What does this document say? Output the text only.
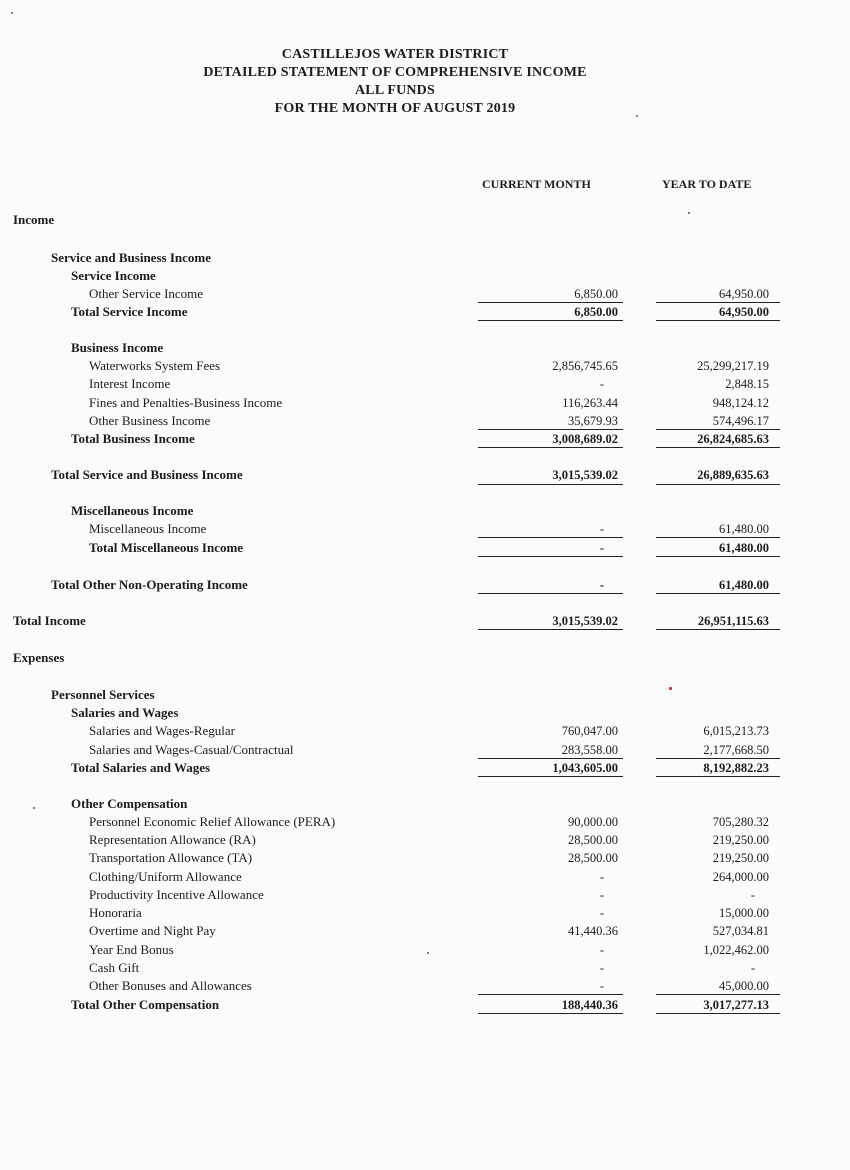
CASTILLEJOS WATER DISTRICT
DETAILED STATEMENT OF COMPREHENSIVE INCOME
ALL FUNDS
FOR THE MONTH OF AUGUST 2019
CURRENT MONTH	YEAR TO DATE
Income
Service and Business Income
Service Income
Other Service Income	6,850.00	64,950.00
Total Service Income	6,850.00	64,950.00
Business Income
Waterworks System Fees	2,856,745.65	25,299,217.19
Interest Income	-	2,848.15
Fines and Penalties-Business Income	116,263.44	948,124.12
Other Business Income	35,679.93	574,496.17
Total Business Income	3,008,689.02	26,824,685.63
Total Service and Business Income	3,015,539.02	26,889,635.63
Miscellaneous Income
Miscellaneous Income	-	61,480.00
Total Miscellaneous Income	-	61,480.00
Total Other Non-Operating Income	-	61,480.00
Total Income	3,015,539.02	26,951,115.63
Expenses
Personnel Services
Salaries and Wages
Salaries and Wages-Regular	760,047.00	6,015,213.73
Salaries and Wages-Casual/Contractual	283,558.00	2,177,668.50
Total Salaries and Wages	1,043,605.00	8,192,882.23
Other Compensation
Personnel Economic Relief Allowance (PERA)	90,000.00	705,280.32
Representation Allowance (RA)	28,500.00	219,250.00
Transportation Allowance (TA)	28,500.00	219,250.00
Clothing/Uniform Allowance	-	264,000.00
Productivity Incentive Allowance	-	-
Honoraria	-	15,000.00
Overtime and Night Pay	41,440.36	527,034.81
Year End Bonus	-	1,022,462.00
Cash Gift	-	-
Other Bonuses and Allowances	-	45,000.00
Total Other Compensation	188,440.36	3,017,277.13
